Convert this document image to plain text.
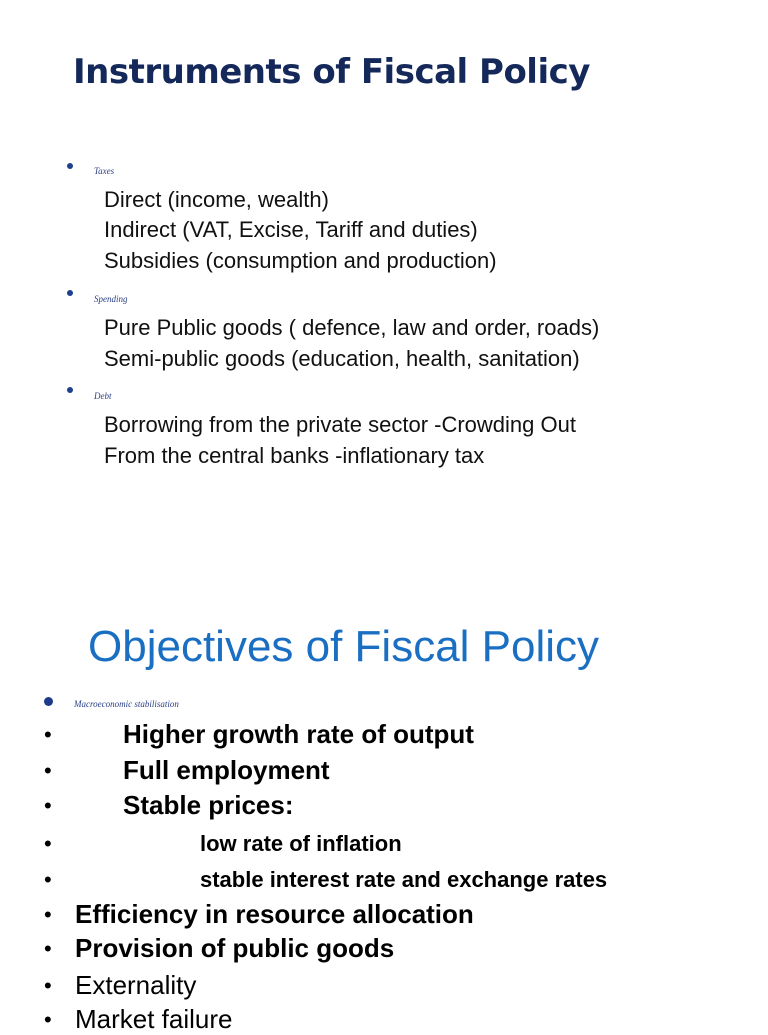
Instruments of Fiscal Policy
Taxes
Direct (income, wealth)
Indirect (VAT, Excise, Tariff and duties)
Subsidies (consumption and production)
Spending
Pure Public goods ( defence, law and order, roads)
Semi-public goods (education, health, sanitation)
Debt
Borrowing from the private sector -Crowding Out
From the central banks -inflationary tax
Objectives of Fiscal Policy
Macroeconomic stabilisation
•	Higher growth rate of output
•	Full employment
•	Stable prices:
•	low rate of inflation
•	stable interest rate and exchange rates
• Efficiency in resource allocation
• Provision of public goods
• Externality
• Market failure
